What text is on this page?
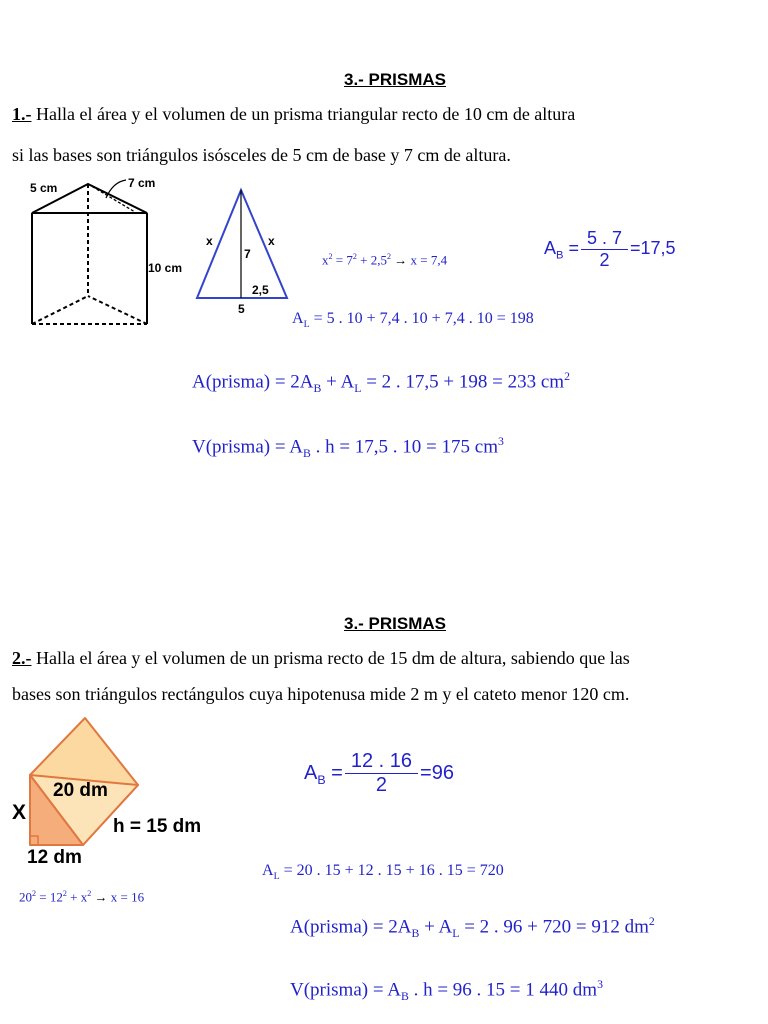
3.- PRISMAS
1.- Halla el área y el volumen de un prisma triangular recto de 10 cm de altura
si las bases son triángulos isósceles de 5 cm de base y 7 cm de altura.
5 cm	7 cm
10 cm
x	x
7
2,5
5
$x^2 = 7^2 + 2,5^2 \to x = 7,4$
$A_B = \frac{5 . 7}{2} =17,5$
$A_L = 5$ . 10 + 7,4 . 10 + 7,4 . 10 = 198
A(prisma) = $2A_B + A_L = 2$ . 17,5 + 198 = 233 $cm^2$
V(prisma) = $A_B$ . h = 17,5 . 10 = 175 $cm^3$
3.- PRISMAS
2.- Halla el área y el volumen de un prisma recto de 15 dm de altura, sabiendo que las
bases son triángulos rectángulos cuya hipotenusa mide 2 m y el cateto menor 120 cm.
20 dm
X
h = 15 dm
12 dm
$20^2 = 12^2 + x^2 \to x = 16$
$A_B = \frac{12 . 16}{2} =96$
$A_L = 20$ . 15 + 12 . 15 + 16 . 15 = 720
A(prisma) = $2A_B + A_L = 2$ . 96 + 720 = 912 $dm^2$
V(prisma) = $A_B$ . h = 96 . 15 = 1 440 $dm^3$
